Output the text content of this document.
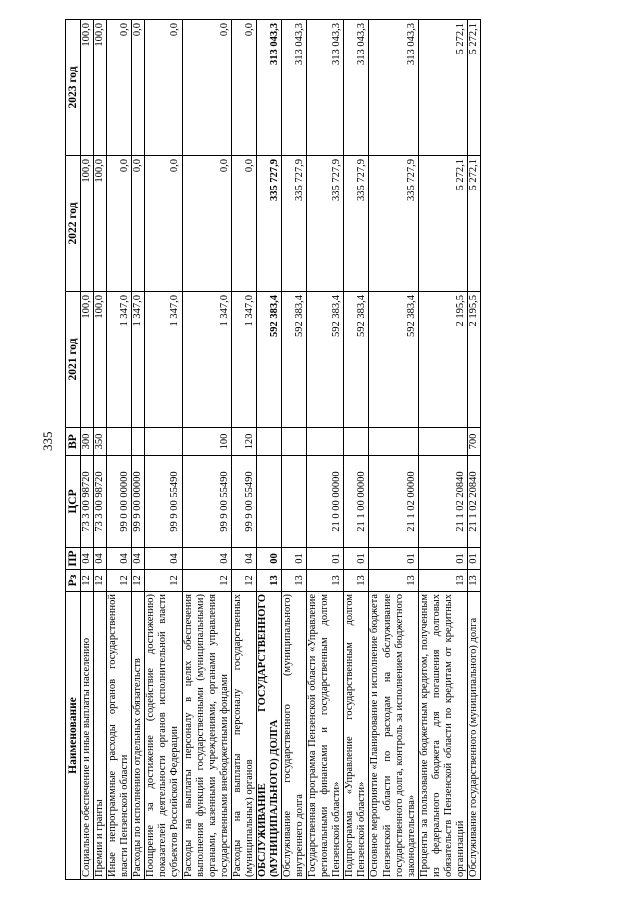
335
Наименование	Рз	ПР	ЦСР	ВР	2021 год	2022 год	2023 год
Социальное обеспечение и иные выплаты населению	12	04	73 3 00 98720	300	100,0	100,0	100,0
Премии и гранты	12	04	73 3 00 98720	350	100,0	100,0	100,0
Иные непрограммные расходы органов государственной власти Пензенской области	12	04	99 0 00 00000		1 347,0	0,0	0,0
Расходы по исполнению отдельных обязательств	12	04	99 9 00 00000		1 347,0	0,0	0,0
Поощрение за достижение (содействие достижению) показателей деятельности органов исполнительной власти субъектов Российской Федерации	12	04	99 9 00 55490		1 347,0	0,0	0,0
Расходы на выплаты персоналу в целях обеспечения выполнения функций государственными (муниципальными) органами, казенными учреждениями, органами управления государственными внебюджетными фондами	12	04	99 9 00 55490	100	1 347,0	0,0	0,0
Расходы на выплаты персоналу государственных (муниципальных) органов	12	04	99 9 00 55490	120	1 347,0	0,0	0,0
ОБСЛУЖИВАНИЕ ГОСУДАРСТВЕННОГО (МУНИЦИПАЛЬНОГО) ДОЛГА	13	00			592 383,4	335 727,9	313 043,3
Обслуживание государственного (муниципального) внутреннего долга	13	01			592 383,4	335 727,9	313 043,3
Государственная программа Пензенской области «Управление региональными финансами и государственным долгом Пензенской области»	13	01	21 0 00 00000		592 383,4	335 727,9	313 043,3
Подпрограмма «Управление государственным долгом Пензенской области»	13	01	21 1 00 00000		592 383,4	335 727,9	313 043,3
Основное мероприятие «Планирование и исполнение бюджета Пензенской области по расходам на обслуживание государственного долга, контроль за исполнением бюджетного законодательства»	13	01	21 1 02 00000		592 383,4	335 727,9	313 043,3
Проценты за пользование бюджетным кредитом, полученным из федерального бюджета для погашения долговых обязательств Пензенской области по кредитам от кредитных организаций	13	01	21 1 02 20840		2 195,5	5 272,1	5 272,1
Обслуживание государственного (муниципального) долга	13	01	21 1 02 20840	700	2 195,5	5 272,1	5 272,1
